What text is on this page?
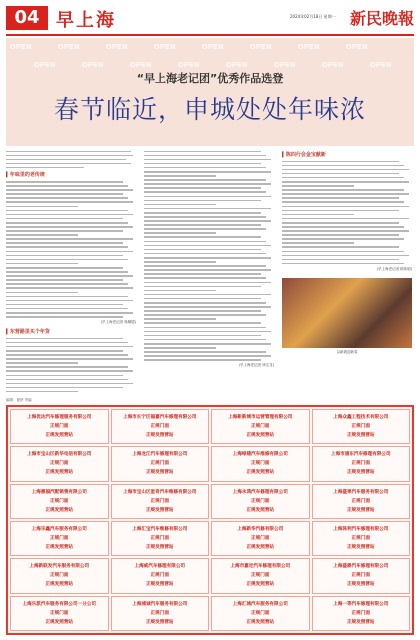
04 早上海	2024年02月18日 星期一 新民晚報
OPEN	OPEN	OPEN	OPEN	OPEN	OPEN	OPEN	OPEN
OPEN	OPEN	OPEN	OPEN	OPEN	OPEN	OPEN	OPEN
“早上海老记团”优秀作品选登
春节临近，申城处处年味浓
▍ 年味里的老传统
(早上海老记团 林顺德)
▍ 东营路里买个年货
(早上海老记团 徐宝龙)
▍ 陈四行会金宝献新
(早上海老记团 顾伟明)
以新貌迎新春
编辑：夏舒 责编
上海优达汽车修理服务有限公司
正规门面
正规发照营站
上海市长宁区福嘉汽车修理有限公司
正规门面
正规发照营站
上海新新城市运营管理有限公司
正规门面
正规发照营站
上海众鑫工程技术有限公司
正规门面
正规发照营站
上海市宝山区新华电信有限公司
正规门面
正规发照营站
上海龙江汽车修理有限公司
正规门面
正规发照营站
上海绿建汽车维修有限公司
正规门面
正规发照营站
上海市浦东汽车修理有限公司
正规门面
正规发照营站
上海惠福汽配销售有限公司
正规门面
正规发照营站
上海市宝山区星奇汽车维修有限公司
正规门面
正规发照营站
上海永鸿汽车修理有限公司
正规门面
正规发照营站
上海盛果汽车服务有限公司
正规门面
正规发照营站
上海乐鑫汽车服务有限公司
正规门面
正规发照营站
上海汇宝汽车维修有限公司
正规门面
正规发照营站
上海新华汽修有限公司
正规门面
正规发照营站
上海泽利汽车修理有限公司
正规门面
正规发照营站
上海新联发汽车服务有限公司
正规门面
正规发照营站
上海威汽车修理有限公司
正规门面
正规发照营站
上海市嘉定汽车修理有限公司
正规门面
正规发照营站
上海盛鼎汽车修理有限公司
正规门面
正规发照营站
上海乐派汽车服务有限公司一分公司
正规门面
正规发照营站
上海浦诚汽车服务有限公司
正规门面
正规发照营站
上海汇城汽车服务有限公司
正规门面
正规发照营站
上海一等汽车修理有限公司
正规门面
正规发照营站
